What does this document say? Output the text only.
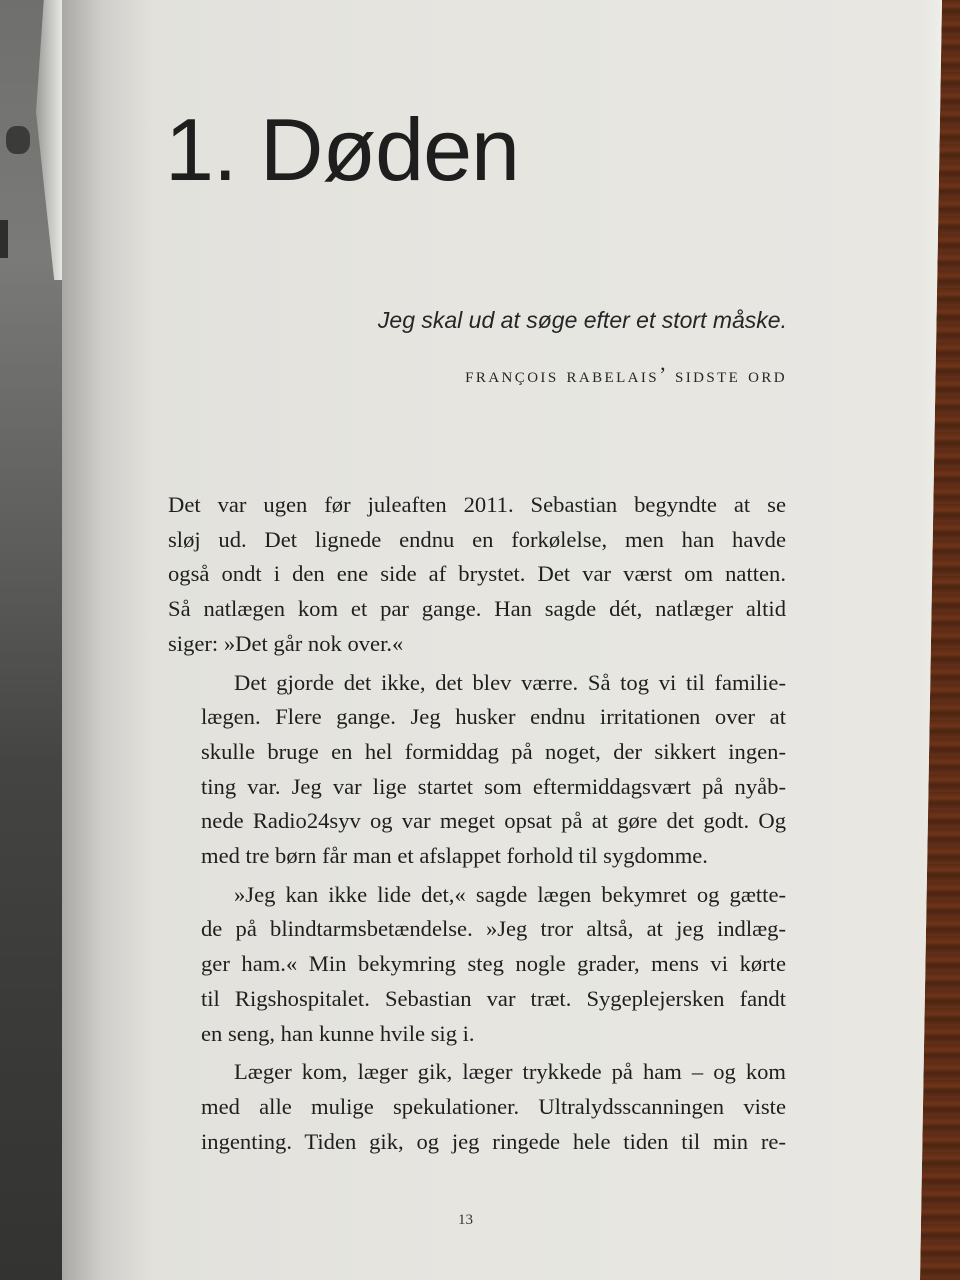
1. Døden
Jeg skal ud at søge efter et stort måske.
françois rabelais’ sidste ord

Det var ugen før juleaften 2011. Sebastian begyndte at se
sløj ud. Det lignede endnu en forkølelse, men han havde
også ondt i den ene side af brystet. Det var værst om natten.
Så natlægen kom et par gange. Han sagde dét, natlæger altid
siger: »Det går nok over.«

Det gjorde det ikke, det blev værre. Så tog vi til familie-
lægen. Flere gange. Jeg husker endnu irritationen over at
skulle bruge en hel formiddag på noget, der sikkert ingen-
ting var. Jeg var lige startet som eftermiddagsvært på nyåb-
nede Radio24syv og var meget opsat på at gøre det godt. Og
med tre børn får man et afslappet forhold til sygdomme.

»Jeg kan ikke lide det,« sagde lægen bekymret og gætte-
de på blindtarmsbetændelse. »Jeg tror altså, at jeg indlæg-
ger ham.« Min bekymring steg nogle grader, mens vi kørte
til Rigshospitalet. Sebastian var træt. Sygeplejersken fandt
en seng, han kunne hvile sig i.

Læger kom, læger gik, læger trykkede på ham – og kom
med alle mulige spekulationer. Ultralydsscanningen viste
ingenting. Tiden gik, og jeg ringede hele tiden til min re-

13
